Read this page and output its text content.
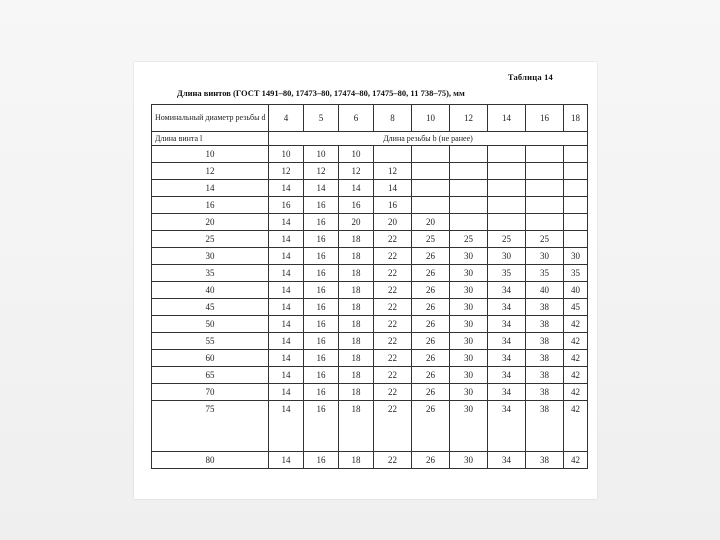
Таблица 14
Длина винтов (ГОСТ 1491–80, 17473–80, 17474–80, 17475–80, 11 738–75), мм
Номинальный диаметр резьбы d	4	5	6	8	10	12	14	16	18
Длина винта l	Длина резьбы b (не ранее)								
10	10	10	10						
12	12	12	12	12					
14	14	14	14	14					
16	16	16	16	16					
20	14	16	20	20	20				
25	14	16	18	22	25	25	25	25	
30	14	16	18	22	26	30	30	30	30
35	14	16	18	22	26	30	35	35	35
40	14	16	18	22	26	30	34	40	40
45	14	16	18	22	26	30	34	38	45
50	14	16	18	22	26	30	34	38	42
55	14	16	18	22	26	30	34	38	42
60	14	16	18	22	26	30	34	38	42
65	14	16	18	22	26	30	34	38	42
70	14	16	18	22	26	30	34	38	42
75	14	16	18	22	26	30	34	38	42
80	14	16	18	22	26	30	34	38	42
